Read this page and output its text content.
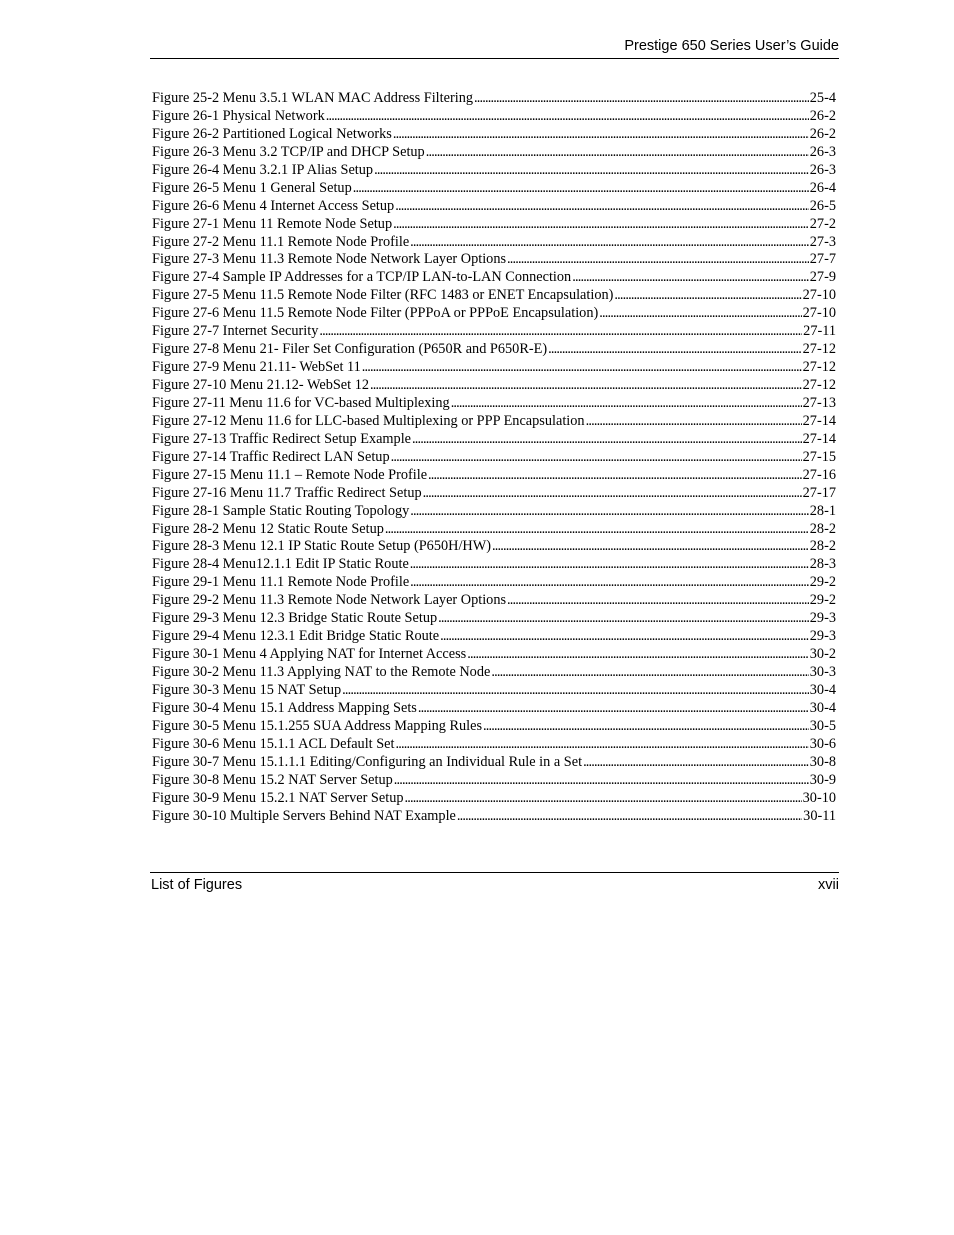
Prestige 650 Series User’s Guide
Figure 25-2 Menu 3.5.1 WLAN MAC Address Filtering . . .	25-4
Figure 26-1 Physical Network . . .	26-2
Figure 26-2 Partitioned Logical Networks . . .	26-2
Figure 26-3 Menu 3.2 TCP/IP and DHCP Setup . . .	26-3
Figure 26-4 Menu 3.2.1 IP Alias Setup . . .	26-3
Figure 26-5 Menu 1 General Setup . . .	26-4
Figure 26-6 Menu 4 Internet Access Setup . . .	26-5
Figure 27-1 Menu 11 Remote Node Setup . . .	27-2
Figure 27-2 Menu 11.1 Remote Node Profile . . .	27-3
Figure 27-3 Menu 11.3 Remote Node Network Layer Options . . .	27-7
Figure 27-4 Sample IP Addresses for a TCP/IP LAN-to-LAN Connection . . .	27-9
Figure 27-5 Menu 11.5 Remote Node Filter (RFC 1483 or ENET Encapsulation) . . .	27-10
Figure 27-6 Menu 11.5 Remote Node Filter (PPPoA or PPPoE Encapsulation) . . .	27-10
Figure 27-7 Internet Security . . .	27-11
Figure 27-8 Menu 21- Filer Set Configuration (P650R and P650R-E) . . .	27-12
Figure 27-9 Menu 21.11- WebSet 11 . . .	27-12
Figure 27-10 Menu 21.12- WebSet 12 . . .	27-12
Figure 27-11 Menu 11.6 for VC-based Multiplexing . . .	27-13
Figure 27-12 Menu 11.6 for LLC-based Multiplexing or PPP Encapsulation . . .	27-14
Figure 27-13 Traffic Redirect Setup Example . . .	27-14
Figure 27-14 Traffic Redirect LAN Setup . . .	27-15
Figure 27-15 Menu 11.1 – Remote Node Profile . . .	27-16
Figure 27-16 Menu 11.7 Traffic Redirect Setup . . .	27-17
Figure 28-1 Sample Static Routing Topology . . .	28-1
Figure 28-2 Menu 12 Static Route Setup . . .	28-2
Figure 28-3 Menu 12.1 IP Static Route Setup (P650H/HW) . . .	28-2
Figure 28-4 Menu12.1.1 Edit IP Static Route . . .	28-3
Figure 29-1 Menu 11.1 Remote Node Profile . . .	29-2
Figure 29-2 Menu 11.3 Remote Node Network Layer Options . . .	29-2
Figure 29-3 Menu 12.3 Bridge Static Route Setup . . .	29-3
Figure 29-4 Menu 12.3.1 Edit Bridge Static Route . . .	29-3
Figure 30-1 Menu 4 Applying NAT for Internet Access . . .	30-2
Figure 30-2 Menu 11.3 Applying NAT to the Remote Node . . .	30-3
Figure 30-3 Menu 15 NAT Setup . . .	30-4
Figure 30-4 Menu 15.1 Address Mapping Sets . . .	30-4
Figure 30-5 Menu 15.1.255 SUA Address Mapping Rules . . .	30-5
Figure 30-6 Menu 15.1.1 ACL Default Set . . .	30-6
Figure 30-7 Menu 15.1.1.1 Editing/Configuring an Individual Rule in a Set . . .	30-8
Figure 30-8 Menu 15.2 NAT Server Setup . . .	30-9
Figure 30-9 Menu 15.2.1 NAT Server Setup . . .	30-10
Figure 30-10 Multiple Servers Behind NAT Example . . .	30-11
List of Figures	xvii
